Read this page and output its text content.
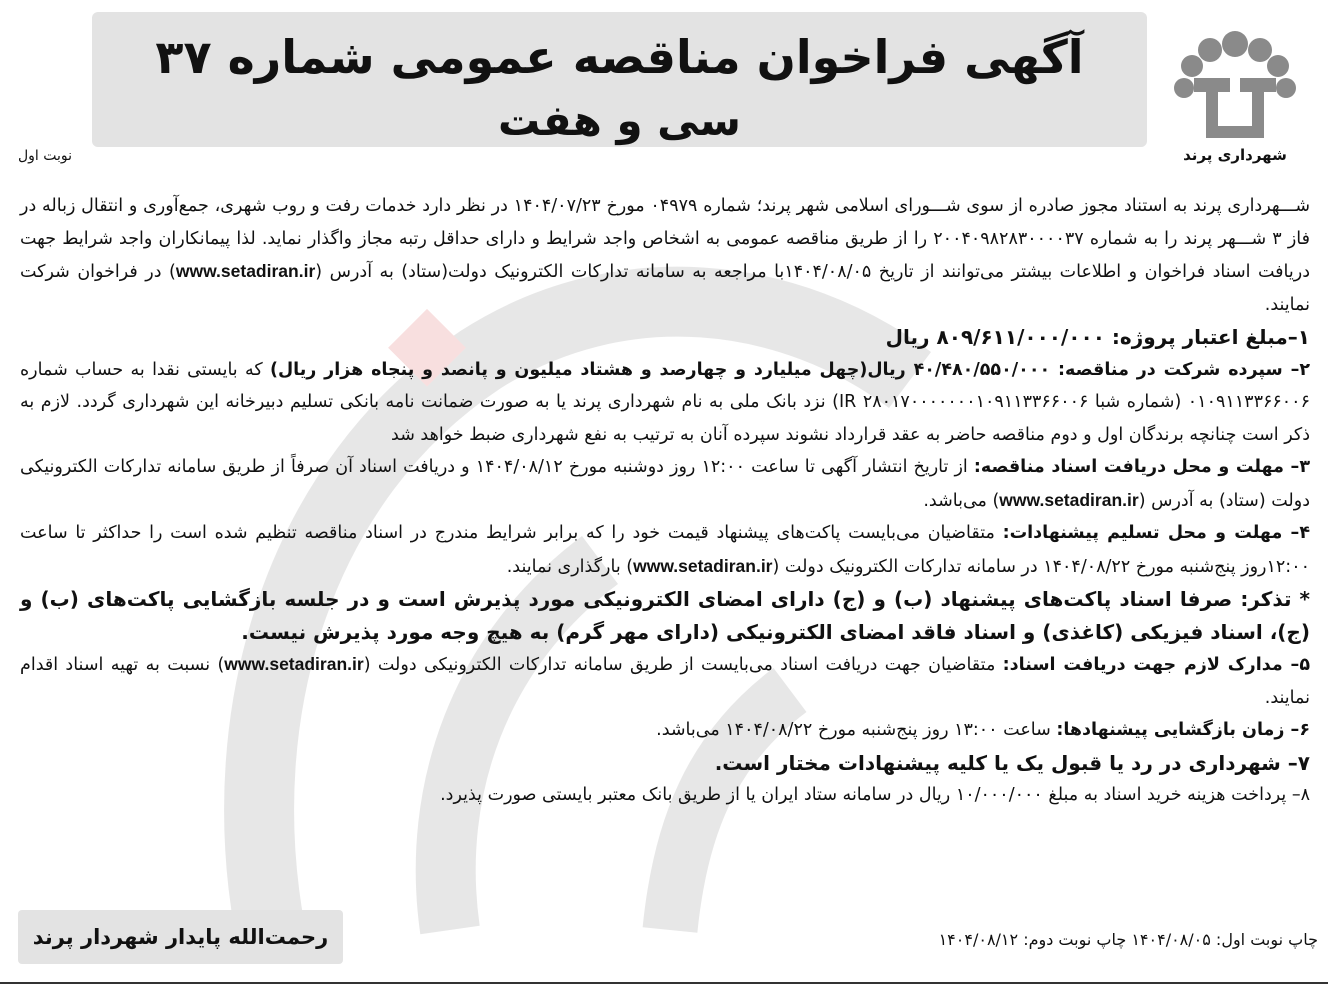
آگهی فراخوان مناقصه عمومی شماره ۳۷
سی و هفت
شهرداری پرند
نوبت اول

شـــهرداری پرند به استناد مجوز صادره از سوی شـــورای اسلامی شهر پرند؛ شماره ۰۴۹۷۹ مورخ ۱۴۰۴/۰۷/۲۳ در نظر دارد خدمات رفت و روب شهری، جمع‌آوری و انتقال زباله در فاز ۳ شـــهر پرند را به شماره ۲۰۰۴۰۹۸۲۸۳۰۰۰۰۳۷ را از طریق مناقصه عمومی به اشخاص واجد شرایط و دارای حداقل رتبه مجاز واگذار نماید. لذا پیمانکاران واجد شرایط جهت دریافت اسناد فراخوان و اطلاعات بیشتر می‌توانند از تاریخ ۱۴۰۴/۰۸/۰۵با مراجعه به سامانه تدارکات الکترونیک دولت(ستاد) به آدرس (www.setadiran.ir) در فراخوان شرکت نمایند.

۱–مبلغ اعتبار پروژه: ۸۰۹/۶۱۱/۰۰۰/۰۰۰ ریال

۲– سپرده شرکت در مناقصه: ۴۰/۴۸۰/۵۵۰/۰۰۰ ریال(چهل میلیارد و چهارصد و هشتاد میلیون و پانصد و پنجاه هزار ریال) که بایستی نقدا به حساب شماره ۰۱۰۹۱۱۳۳۶۶۰۰۶ (شماره شبا IR ۲۸۰۱۷۰۰۰۰۰۰۰۱۰۹۱۱۳۳۶۶۰۰۶) نزد بانک ملی به نام شهرداری پرند یا به صورت ضمانت نامه بانکی تسلیم دبیرخانه این شهرداری گردد. لازم به ذکر است چنانچه برندگان اول و دوم مناقصه حاضر به عقد قرارداد نشوند سپرده آنان به ترتیب به نفع شهرداری ضبط خواهد شد

۳– مهلت و محل دریافت اسناد مناقصه: از تاریخ انتشار آگهی تا ساعت ۱۲:۰۰ روز دوشنبه مورخ ۱۴۰۴/۰۸/۱۲ و دریافت اسناد آن صرفاً از طریق سامانه تدارکات الکترونیکی دولت (ستاد) به آدرس (www.setadiran.ir) می‌باشد.

۴– مهلت و محل تسلیم پیشنهادات: متقاضیان می‌بایست پاکت‌های پیشنهاد قیمت خود را که برابر شرایط مندرج در اسناد مناقصه تنظیم شده است را حداکثر تا ساعت ۱۲:۰۰روز پنج‌شنبه مورخ ۱۴۰۴/۰۸/۲۲ در سامانه تدارکات الکترونیک دولت (www.setadiran.ir) بارگذاری نمایند.

* تذکر: صرفا اسناد پاکت‌های پیشنهاد (ب) و (ج) دارای امضای الکترونیکی مورد پذیرش است و در جلسه بازگشایی پاکت‌های (ب) و (ج)، اسناد فیزیکی (کاغذی) و اسناد فاقد امضای الکترونیکی (دارای مهر گرم) به هیچ وجه مورد پذیرش نیست.

۵– مدارک لازم جهت دریافت اسناد: متقاضیان جهت دریافت اسناد می‌بایست از طریق سامانه تدارکات الکترونیکی دولت (www.setadiran.ir) نسبت به تهیه اسناد اقدام نمایند.

۶– زمان بازگشایی پیشنهادها: ساعت ۱۳:۰۰ روز پنج‌شنبه مورخ ۱۴۰۴/۰۸/۲۲ می‌باشد.

۷– شهرداری در رد یا قبول یک یا کلیه پیشنهادات مختار است.

۸– پرداخت هزینه خرید اسناد به مبلغ ۱۰/۰۰۰/۰۰۰ ریال در سامانه ستاد ایران یا از طریق بانک معتبر بایستی صورت پذیرد.

رحمت‌الله پایدار شهردار پرند	چاپ نوبت اول: ۱۴۰۴/۰۸/۰۵ چاپ نوبت دوم: ۱۴۰۴/۰۸/۱۲
